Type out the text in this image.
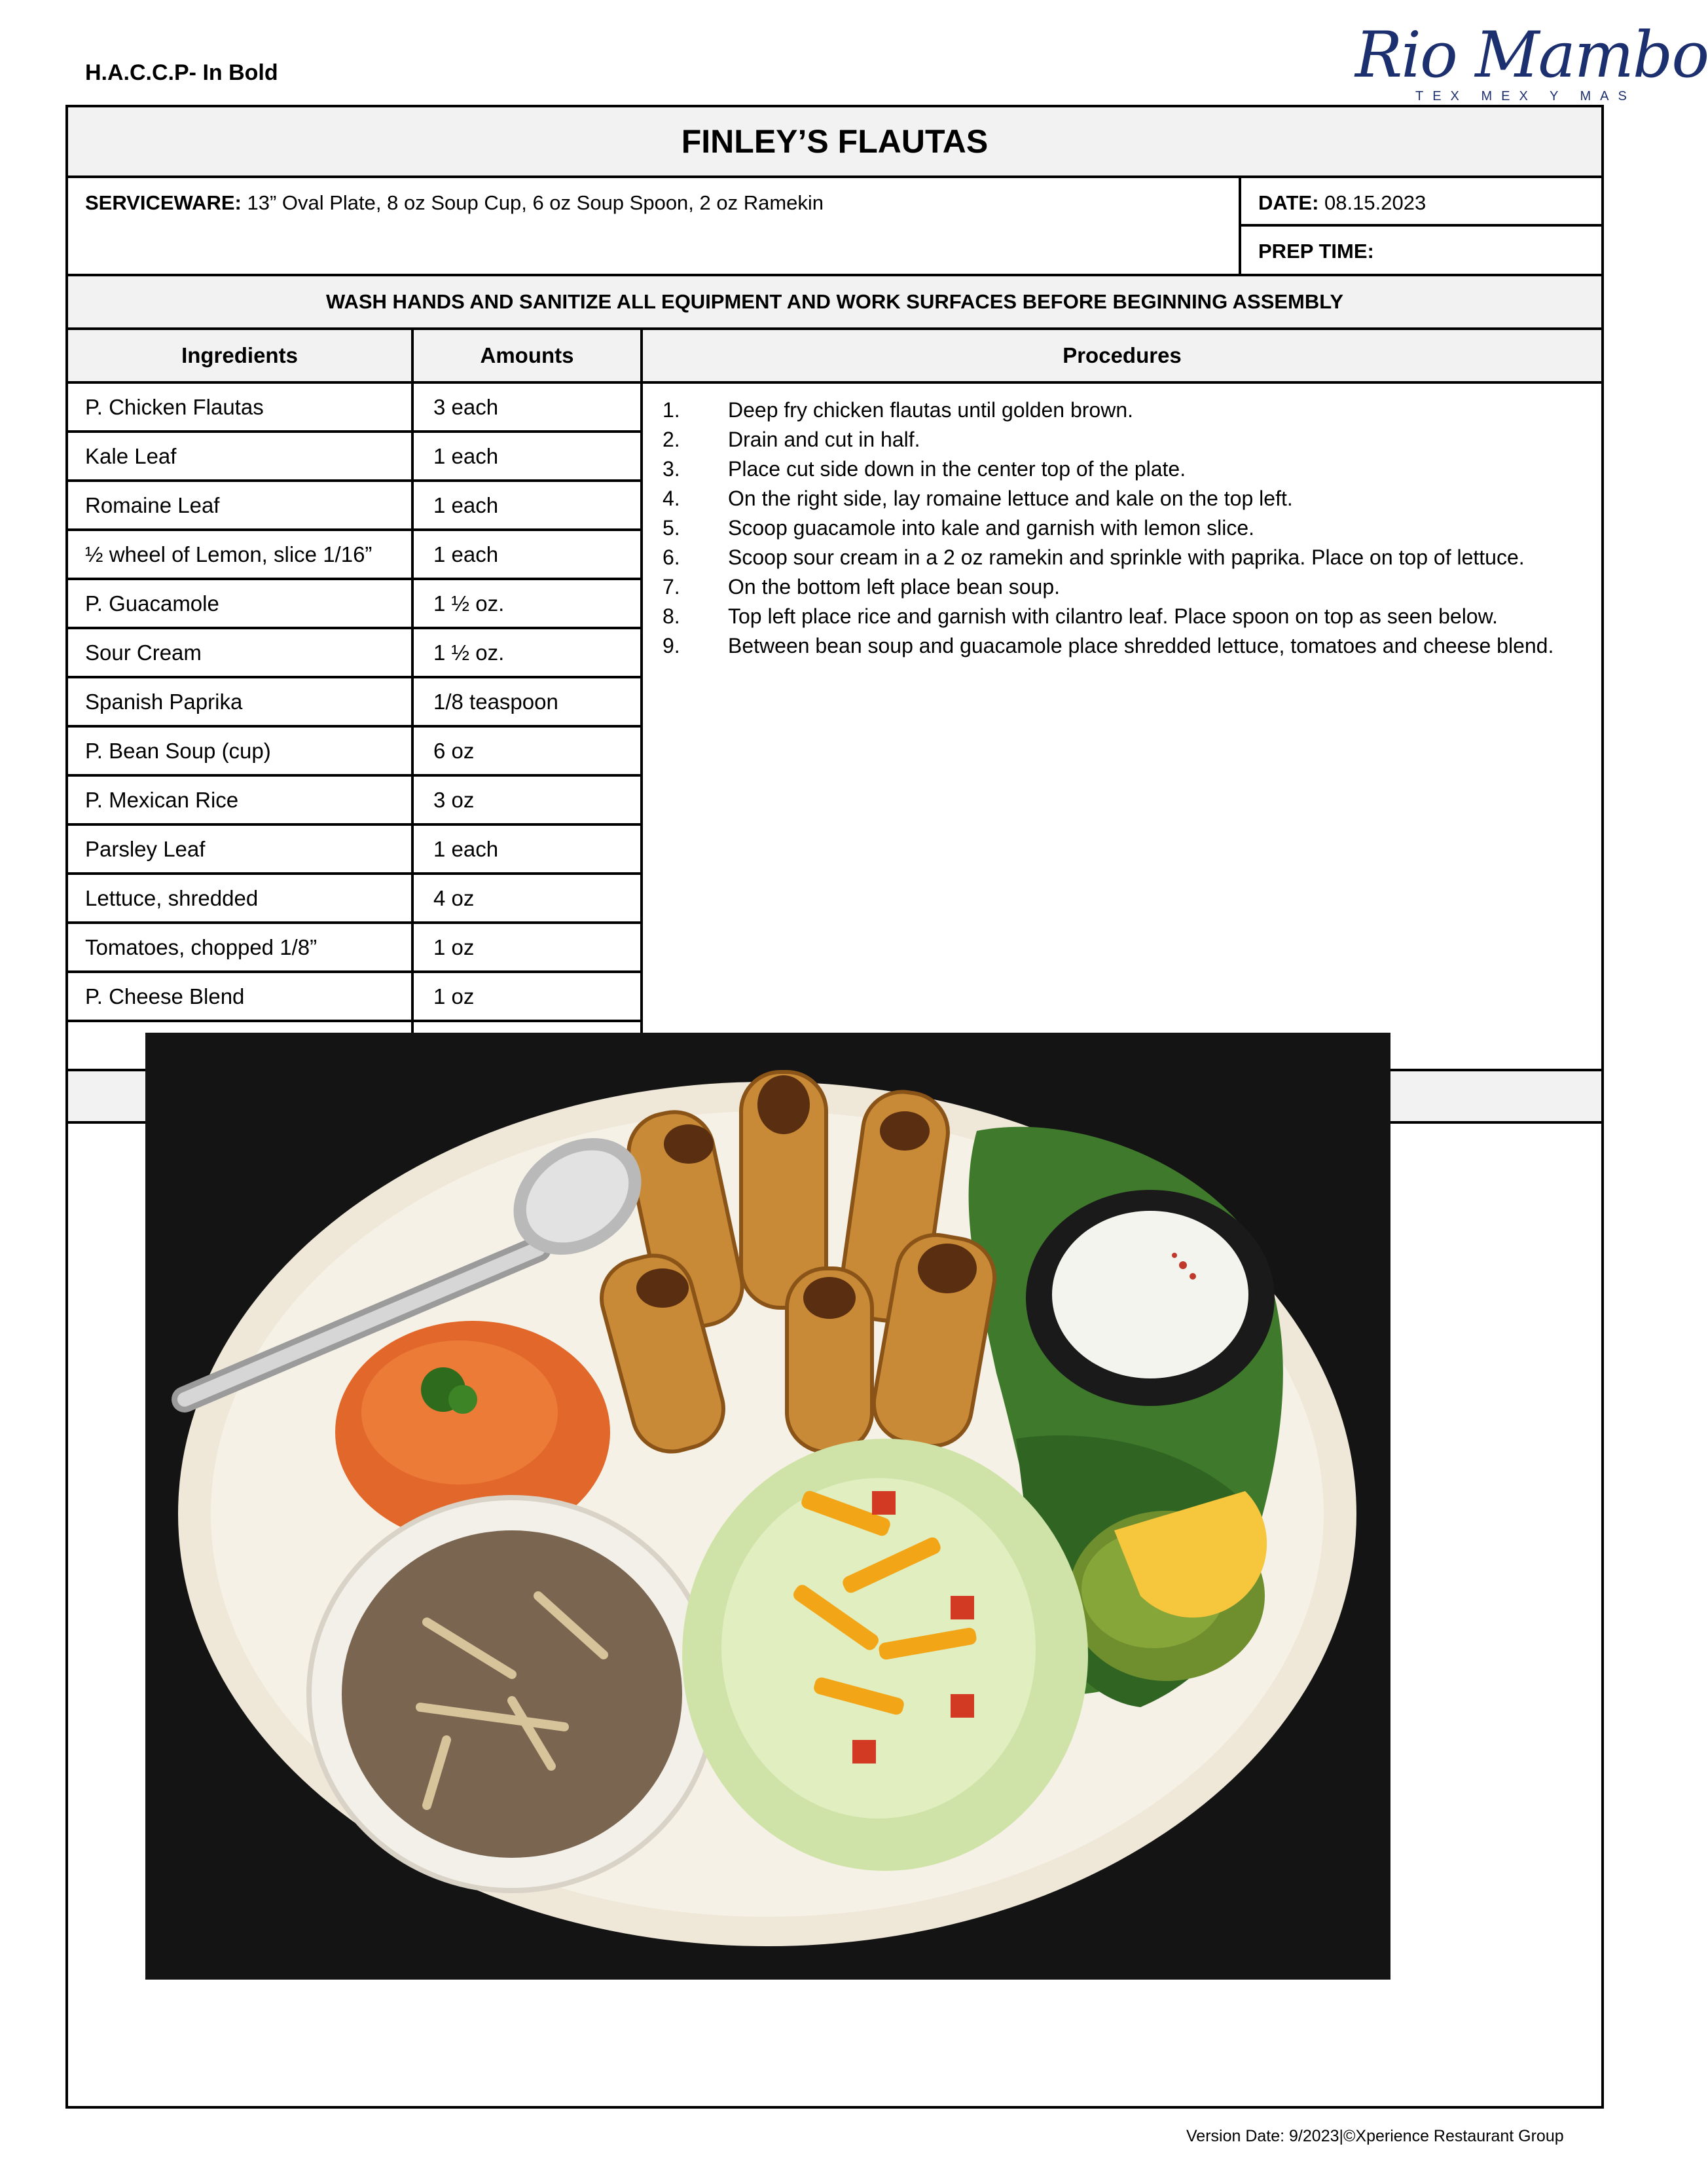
H.A.C.C.P- In Bold	Rio Mambo
TEX MEX Y MAS
FINLEY’S FLAUTAS
SERVICEWARE: 13” Oval Plate, 8 oz Soup Cup, 6 oz Soup Spoon, 2 oz Ramekin	DATE: 08.15.2023
PREP TIME:
WASH HANDS AND SANITIZE ALL EQUIPMENT AND WORK SURFACES BEFORE BEGINNING ASSEMBLY
Ingredients	Amounts	Procedures
P. Chicken Flautas	3 each
Kale Leaf	1 each
Romaine Leaf	1 each
½ wheel of Lemon, slice 1/16”	1 each
P. Guacamole	1 ½ oz.
Sour Cream	1 ½ oz.
Spanish Paprika	1/8 teaspoon
P. Bean Soup (cup)	6 oz
P. Mexican Rice	3 oz
Parsley Leaf	1 each
Lettuce, shredded	4 oz
Tomatoes, chopped 1/8”	1 oz
P. Cheese Blend	1 oz
1.	Deep fry chicken flautas until golden brown.
2.	Drain and cut in half.
3.	Place cut side down in the center top of the plate.
4.	On the right side, lay romaine lettuce and kale on the top left.
5.	Scoop guacamole into kale and garnish with lemon slice.
6.	Scoop sour cream in a 2 oz ramekin and sprinkle with paprika. Place on top of lettuce.
7.	On the bottom left place bean soup.
8.	Top left place rice and garnish with cilantro leaf. Place spoon on top as seen below.
9.	Between bean soup and guacamole place shredded lettuce, tomatoes and cheese blend.
Version Date: 9/2023|©Xperience Restaurant Group
